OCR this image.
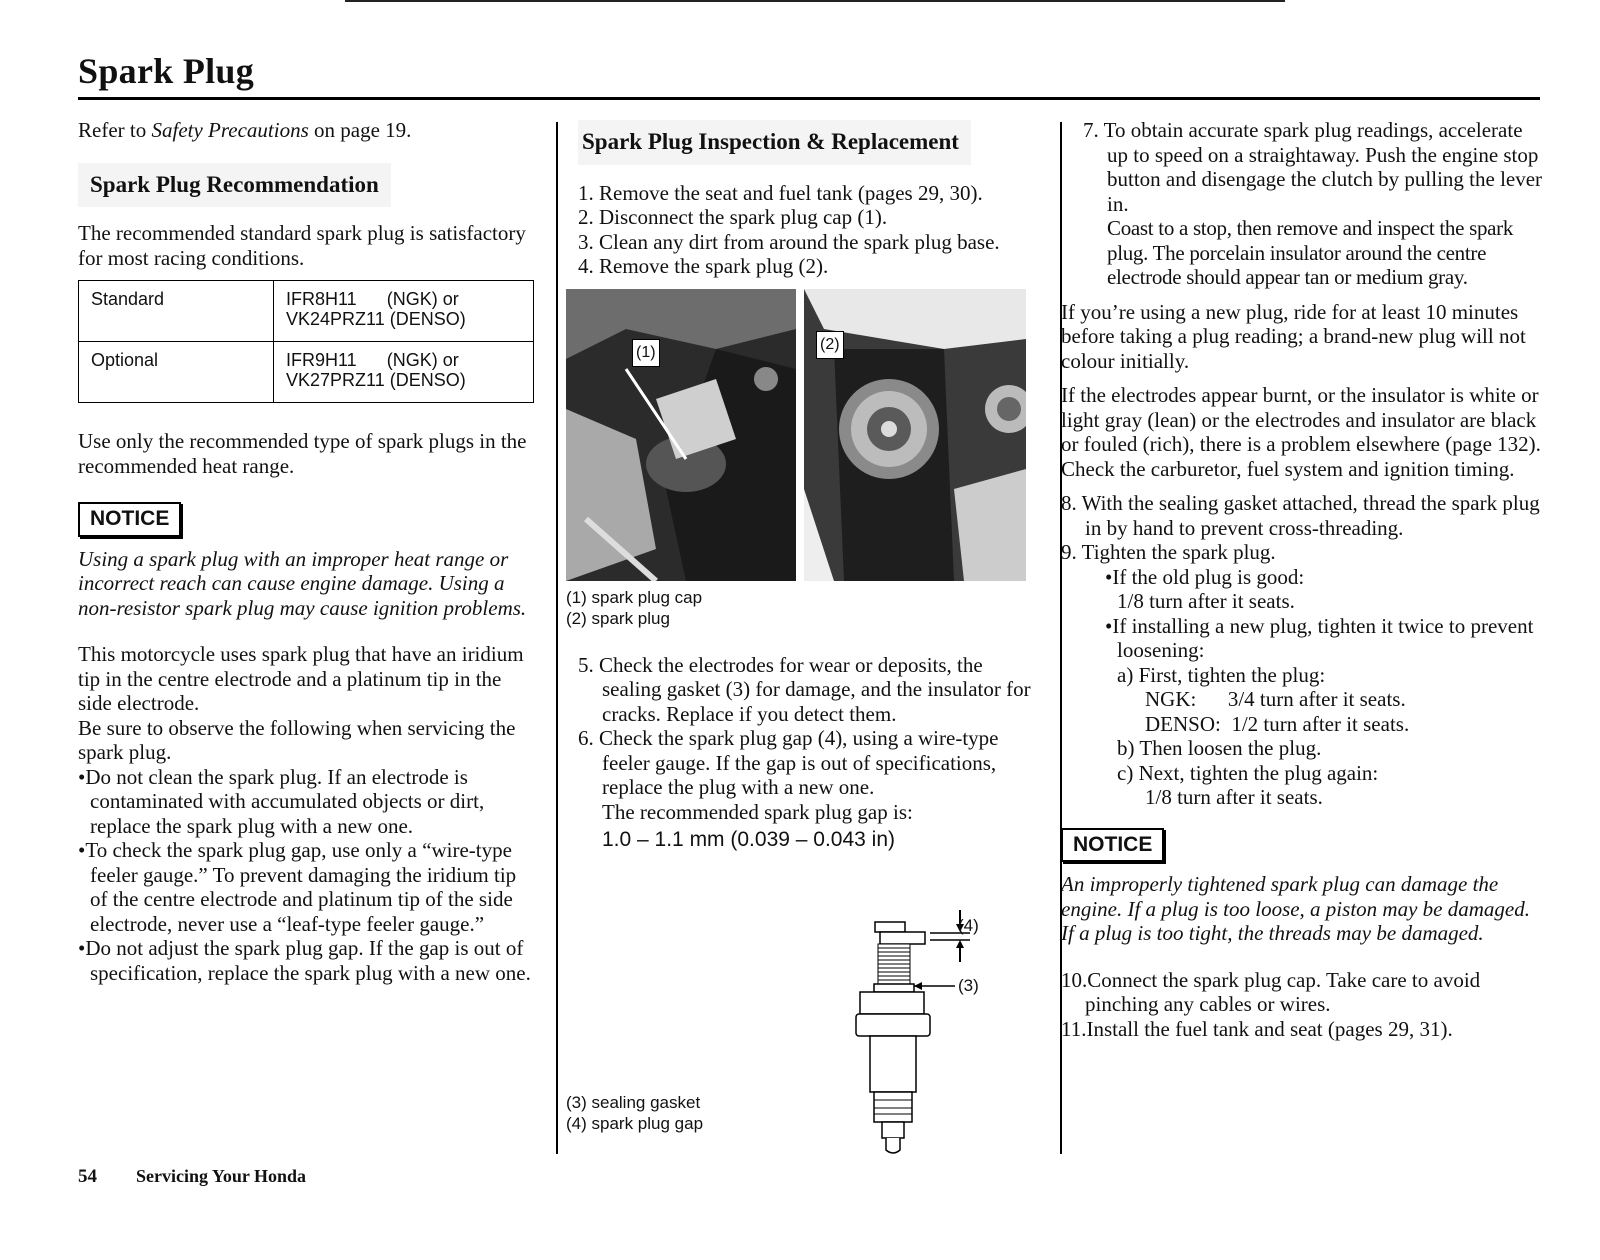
Spark Plug

Refer to Safety Precautions on page 19.

Spark Plug Recommendation

The recommended standard spark plug is satisfactory for most racing conditions.

Standard	IFR8H11      (NGK) or
VK24PRZ11 (DENSO)

Optional	IFR9H11      (NGK) or
VK27PRZ11 (DENSO)

Use only the recommended type of spark plugs in the recommended heat range.

NOTICE

Using a spark plug with an improper heat range or incorrect reach can cause engine damage. Using a non-resistor spark plug may cause ignition problems.

This motorcycle uses spark plug that have an iridium tip in the centre electrode and a platinum tip in the side electrode.

Be sure to observe the following when servicing the spark plug.

• Do not clean the spark plug. If an electrode is contaminated with accumulated objects or dirt, replace the spark plug with a new one.
• To check the spark plug gap, use only a “wire-type feeler gauge.” To prevent damaging the iridium tip of the centre electrode and platinum tip of the side electrode, never use a “leaf-type feeler gauge.”
• Do not adjust the spark plug gap. If the gap is out of specification, replace the spark plug with a new one.
Spark Plug Inspection & Replacement
1. Remove the seat and fuel tank (pages 29, 30).
2. Disconnect the spark plug cap (1).
3. Clean any dirt from around the spark plug base.
4. Remove the spark plug (2).
(1)	(2)
(1) spark plug cap
(2) spark plug
5. Check the electrodes for wear or deposits, the sealing gasket (3) for damage, and the insulator for cracks. Replace if you detect them.
6. Check the spark plug gap (4), using a wire-type feeler gauge. If the gap is out of specifications, replace the plug with a new one.
The recommended spark plug gap is:
1.0 – 1.1 mm (0.039 – 0.043 in)
(4)
(3)
(3) sealing gasket
(4) spark plug gap
7. To obtain accurate spark plug readings, accelerate up to speed on a straightaway. Push the engine stop button and disengage the clutch by pulling the lever in.

Coast to a stop, then remove and inspect the spark plug. The porcelain insulator around the centre electrode should appear tan or medium gray.

If you’re using a new plug, ride for at least 10 minutes before taking a plug reading; a brand-new plug will not colour initially.

If the electrodes appear burnt, or the insulator is white or light gray (lean) or the electrodes and insulator are black or fouled (rich), there is a problem elsewhere (page 132).

Check the carburetor, fuel system and ignition timing.

8. With the sealing gasket attached, thread the spark plug in by hand to prevent cross-threading.
9. Tighten the spark plug.
•If the old plug is good:
1/8 turn after it seats.
•If installing a new plug, tighten it twice to prevent loosening:
a) First, tighten the plug:
NGK:      3/4 turn after it seats.
DENSO:  1/2 turn after it seats.
b) Then loosen the plug.
c) Next, tighten the plug again:
1/8 turn after it seats.
NOTICE

An improperly tightened spark plug can damage the engine. If a plug is too loose, a piston may be damaged. If a plug is too tight, the threads may be damaged.

10.Connect the spark plug cap. Take care to avoid pinching any cables or wires.
11.Install the fuel tank and seat (pages 29, 31).
54 Servicing Your Honda
